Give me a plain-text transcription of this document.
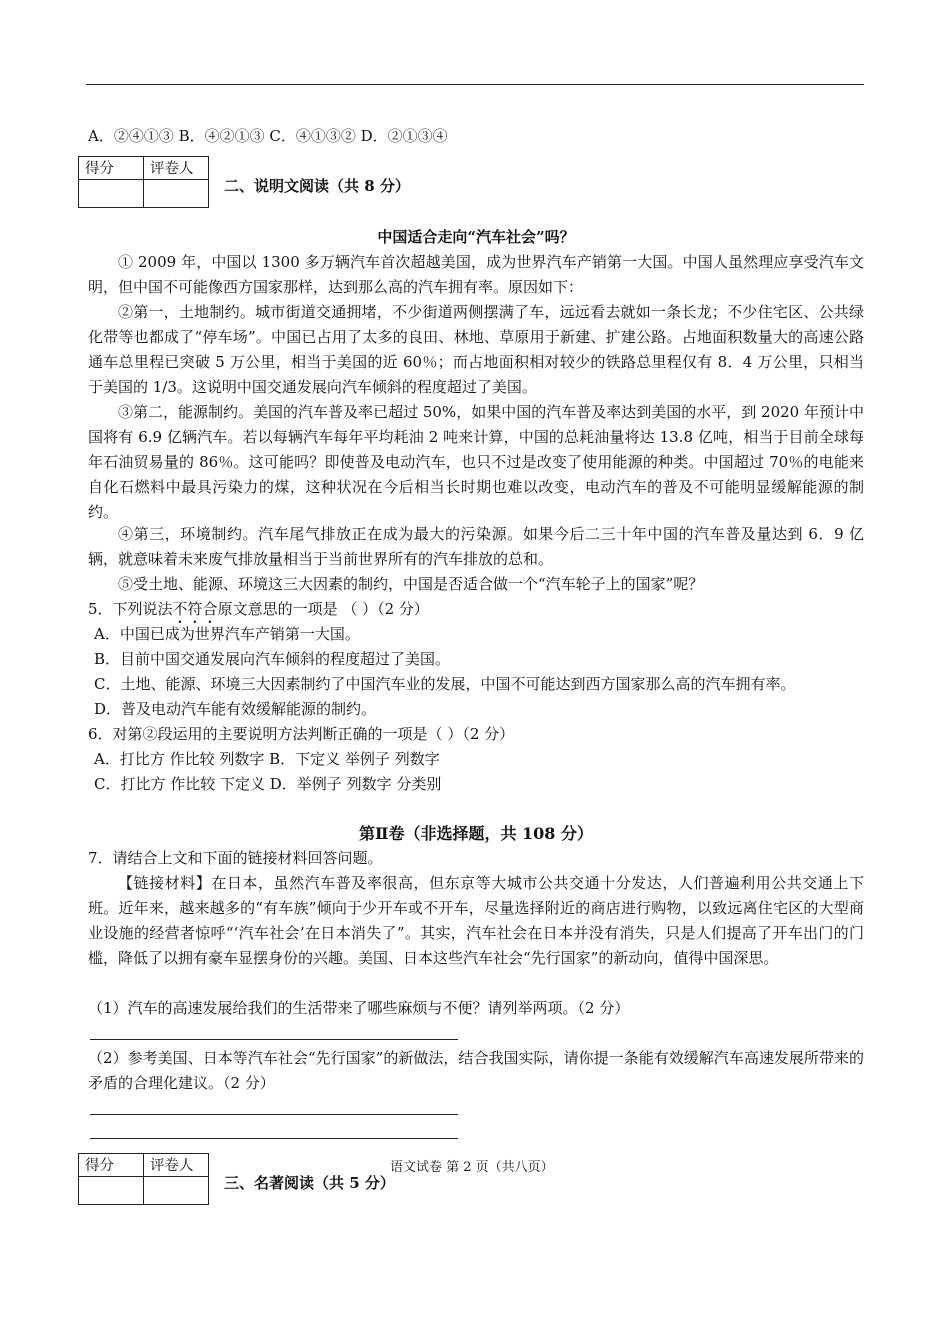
A．②④①③ B．④②①③ C．④①③② D．②①③④
得分	评卷人

二、说明文阅读（共 8 分）
中国适合走向“汽车社会”吗？
① 2009 年，中国以 1300 多万辆汽车首次超越美国，成为世界汽车产销第一大国。中国人虽然理应享受汽车文明，但中国不可能像西方国家那样，达到那么高的汽车拥有率。原因如下：
②第一，土地制约。城市街道交通拥堵，不少街道两侧摆满了车，远远看去就如一条长龙；不少住宅区、公共绿化带等也都成了“停车场”。中国已占用了太多的良田、林地、草原用于新建、扩建公路。占地面积数量大的高速公路通车总里程已突破 5 万公里，相当于美国的近 60％；而占地面积相对较少的铁路总里程仅有 8．4 万公里，只相当于美国的 1/3。这说明中国交通发展向汽车倾斜的程度超过了美国。
③第二，能源制约。美国的汽车普及率已超过 50%，如果中国的汽车普及率达到美国的水平，到 2020 年预计中国将有 6.9 亿辆汽车。若以每辆汽车每年平均耗油 2 吨来计算，中国的总耗油量将达 13.8 亿吨，相当于目前全球每年石油贸易量的 86％。这可能吗？即使普及电动汽车，也只不过是改变了使用能源的种类。中国超过 70％的电能来自化石燃料中最具污染力的煤，这种状况在今后相当长时期也难以改变，电动汽车的普及不可能明显缓解能源的制约。
④第三，环境制约。汽车尾气排放正在成为最大的污染源。如果今后二三十年中国的汽车普及量达到 6．9 亿辆，就意味着未来废气排放量相当于当前世界所有的汽车排放的总和。
⑤受土地、能源、环境这三大因素的制约，中国是否适合做一个“汽车轮子上的国家”呢？
5．下列说法不符合原文意思的一项是 （ ）（2 分）
A．中国已成为世界汽车产销第一大国。
B．目前中国交通发展向汽车倾斜的程度超过了美国。
C．土地、能源、环境三大因素制约了中国汽车业的发展，中国不可能达到西方国家那么高的汽车拥有率。
D．普及电动汽车能有效缓解能源的制约。
6．对第②段运用的主要说明方法判断正确的一项是（ ）（2 分）
A．打比方 作比较 列数字 B．下定义 举例子 列数字
C．打比方 作比较 下定义 D．举例子 列数字 分类别
第Ⅱ卷（非选择题，共 108 分）
7．请结合上文和下面的链接材料回答问题。
【链接材料】在日本，虽然汽车普及率很高，但东京等大城市公共交通十分发达，人们普遍利用公共交通上下班。近年来，越来越多的“有车族”倾向于少开车或不开车，尽量选择附近的商店进行购物，以致远离住宅区的大型商业设施的经营者惊呼“‘汽车社会’在日本消失了”。其实，汽车社会在日本并没有消失，只是人们提高了开车出门的门槛，降低了以拥有豪车显摆身份的兴趣。美国、日本这些汽车社会“先行国家”的新动向，值得中国深思。
（1）汽车的高速发展给我们的生活带来了哪些麻烦与不便？请列举两项。（2 分）
（2）参考美国、日本等汽车社会“先行国家”的新做法，结合我国实际，请你提一条能有效缓解汽车高速发展所带来的矛盾的合理化建议。（2 分）
得分	评卷人
		语文试卷 第 2 页（共八页）
三、名著阅读（共 5 分）
